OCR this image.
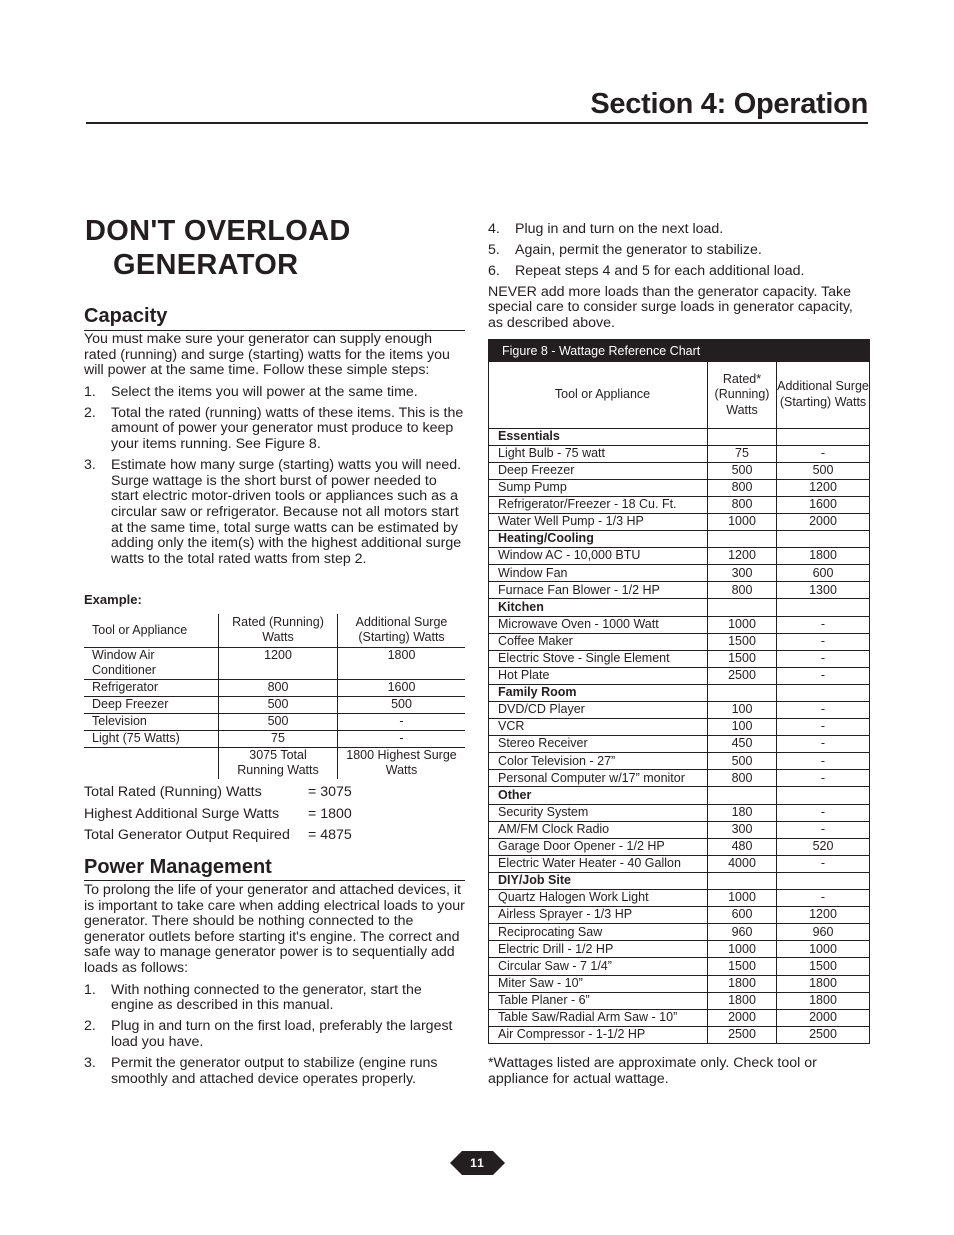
Section 4: Operation
DON'T OVERLOAD
GENERATOR
Capacity

You must make sure your generator can supply enough rated (running) and surge (starting) watts for the items you will power at the same time. Follow these simple steps:

1. Select the items you will power at the same time.
2. Total the rated (running) watts of these items. This is the amount of power your generator must produce to keep your items running. See Figure 8.
3. Estimate how many surge (starting) watts you will need. Surge wattage is the short burst of power needed to start electric motor-driven tools or appliances such as a circular saw or refrigerator. Because not all motors start at the same time, total surge watts can be estimated by adding only the item(s) with the highest additional surge watts to the total rated watts from step 2.
Example:
Tool or Appliance	Rated (Running) Watts	Additional Surge (Starting) Watts
Window Air Conditioner	1200	1800
Refrigerator	800	1600
Deep Freezer	500	500
Television	500	-
Light (75 Watts)	75	-
	3075 Total Running Watts	1800 Highest Surge Watts
Total Rated (Running) Watts	= 3075
Highest Additional Surge Watts	= 1800
Total Generator Output Required	= 4875
Power Management

To prolong the life of your generator and attached devices, it is important to take care when adding electrical loads to your generator. There should be nothing connected to the generator outlets before starting it's engine. The correct and safe way to manage generator power is to sequentially add loads as follows:

1. With nothing connected to the generator, start the engine as described in this manual.
2. Plug in and turn on the first load, preferably the largest load you have.
3. Permit the generator output to stabilize (engine runs smoothly and attached device operates properly.
4. Plug in and turn on the next load.
5. Again, permit the generator to stabilize.
6. Repeat steps 4 and 5 for each additional load.

NEVER add more loads than the generator capacity. Take special care to consider surge loads in generator capacity, as described above.

Figure 8 - Wattage Reference Chart
Tool or Appliance	Rated* (Running) Watts	Additional Surge (Starting) Watts
Essentials		
Light Bulb - 75 watt	75	-
Deep Freezer	500	500
Sump Pump	800	1200
Refrigerator/Freezer - 18 Cu. Ft.	800	1600
Water Well Pump - 1/3 HP	1000	2000
Heating/Cooling		
Window AC - 10,000 BTU	1200	1800
Window Fan	300	600
Furnace Fan Blower - 1/2 HP	800	1300
Kitchen		
Microwave Oven - 1000 Watt	1000	-
Coffee Maker	1500	-
Electric Stove - Single Element	1500	-
Hot Plate	2500	-
Family Room		
DVD/CD Player	100	-
VCR	100	-
Stereo Receiver	450	-
Color Television - 27”	500	-
Personal Computer w/17” monitor	800	-
Other		
Security System	180	-
AM/FM Clock Radio	300	-
Garage Door Opener - 1/2 HP	480	520
Electric Water Heater - 40 Gallon	4000	-
DIY/Job Site		
Quartz Halogen Work Light	1000	-
Airless Sprayer - 1/3 HP	600	1200
Reciprocating Saw	960	960
Electric Drill - 1/2 HP	1000	1000
Circular Saw - 7 1/4”	1500	1500
Miter Saw - 10”	1800	1800
Table Planer - 6”	1800	1800
Table Saw/Radial Arm Saw - 10”	2000	2000
Air Compressor - 1-1/2 HP	2500	2500

*Wattages listed are approximate only. Check tool or appliance for actual wattage.

11
